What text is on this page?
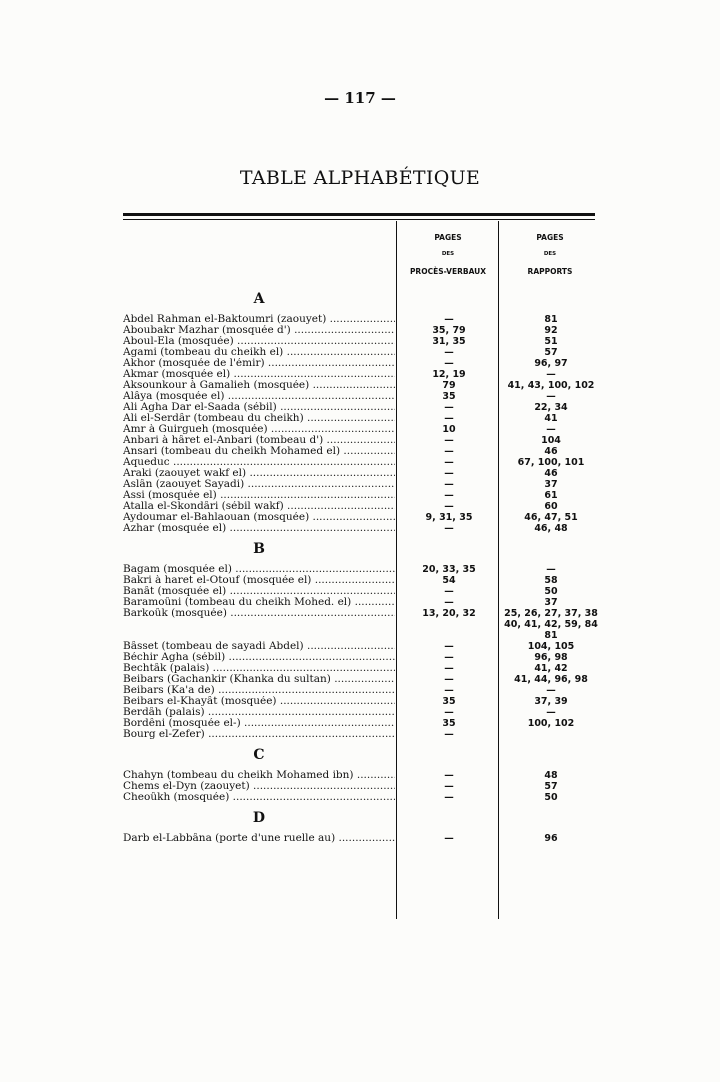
— 117 —
TABLE ALPHABÉTIQUE
PAGES
DES
PROCÈS-VERBAUX
PAGES
DES
RAPPORTS
A
Abdel Rahman el-Baktoumri (zaouyet) .....	—	81
Aboubakr Mazhar (mosquée d') .....	35, 79	92
Aboul-Ela (mosquée) .....	31, 35	51
Agami (tombeau du cheikh el) .....	—	57
Akhor (mosquée de l'émir) .....	—	96, 97
Akmar (mosquée el) .....	12, 19	—
Aksounkour à Gamalieh (mosquée) .....	79	41, 43, 100, 102
Alâya (mosquée el) .....	35	—
Ali Agha Dar el-Saada (sébil) .....	—	22, 34
Ali el-Serdâr (tombeau du cheikh) .....	—	41
Amr à Guirgueh (mosquée) .....	10	—
Anbari à hâret el-Anbari (tombeau d') .....	—	104
Ansari (tombeau du cheikh Mohamed el) .....	—	46
Aqueduc .....	—	67, 100, 101
Araki (zaouyet wakf el) .....	—	46
Aslân (zaouyet Sayadi) .....	—	37
Assi (mosquée el) .....	—	61
Atalla el-Skondâri (sébil wakf) .....	—	60
Aydoumar el-Bahlaouan (mosquée) .....	9, 31, 35	46, 47, 51
Azhar (mosquée el) .....	—	46, 48
B
Bagam (mosquée el) .....	20, 33, 35	—
Bakri à haret el-Otouf (mosquée el) .....	54	58
Banât (mosquée el) .....	—	50
Baramoûni (tombeau du cheikh Mohed. el) .....	—	37
Barkoûk (mosquée) .....	13, 20, 32	25, 26, 27, 37, 38
40, 41, 42, 59, 84
81
Bâsset (tombeau de sayadi Abdel) .....	—	104, 105
Béchir Agha (sébil) .....	—	96, 98
Bechtâk (palais) .....	—	41, 42
Beibars (Gachankir (Khanka du sultan) .....	—	41, 44, 96, 98
Beibars (Ka'a de) .....	—	—
Beibars el-Khayât (mosquée) .....	35	37, 39
Berdâh (palais) .....	—	—
Bordêni (mosquée el-) .....	35	100, 102
Bourg el-Zefer) .....	—
C
Chahyn (tombeau du cheikh Mohamed ibn) .....	—	48
Chems el-Dyn (zaouyet) .....	—	57
Cheoûkh (mosquée) .....	—	50
D
Darb el-Labbâna (porte d'une ruelle au) .....	—	96
